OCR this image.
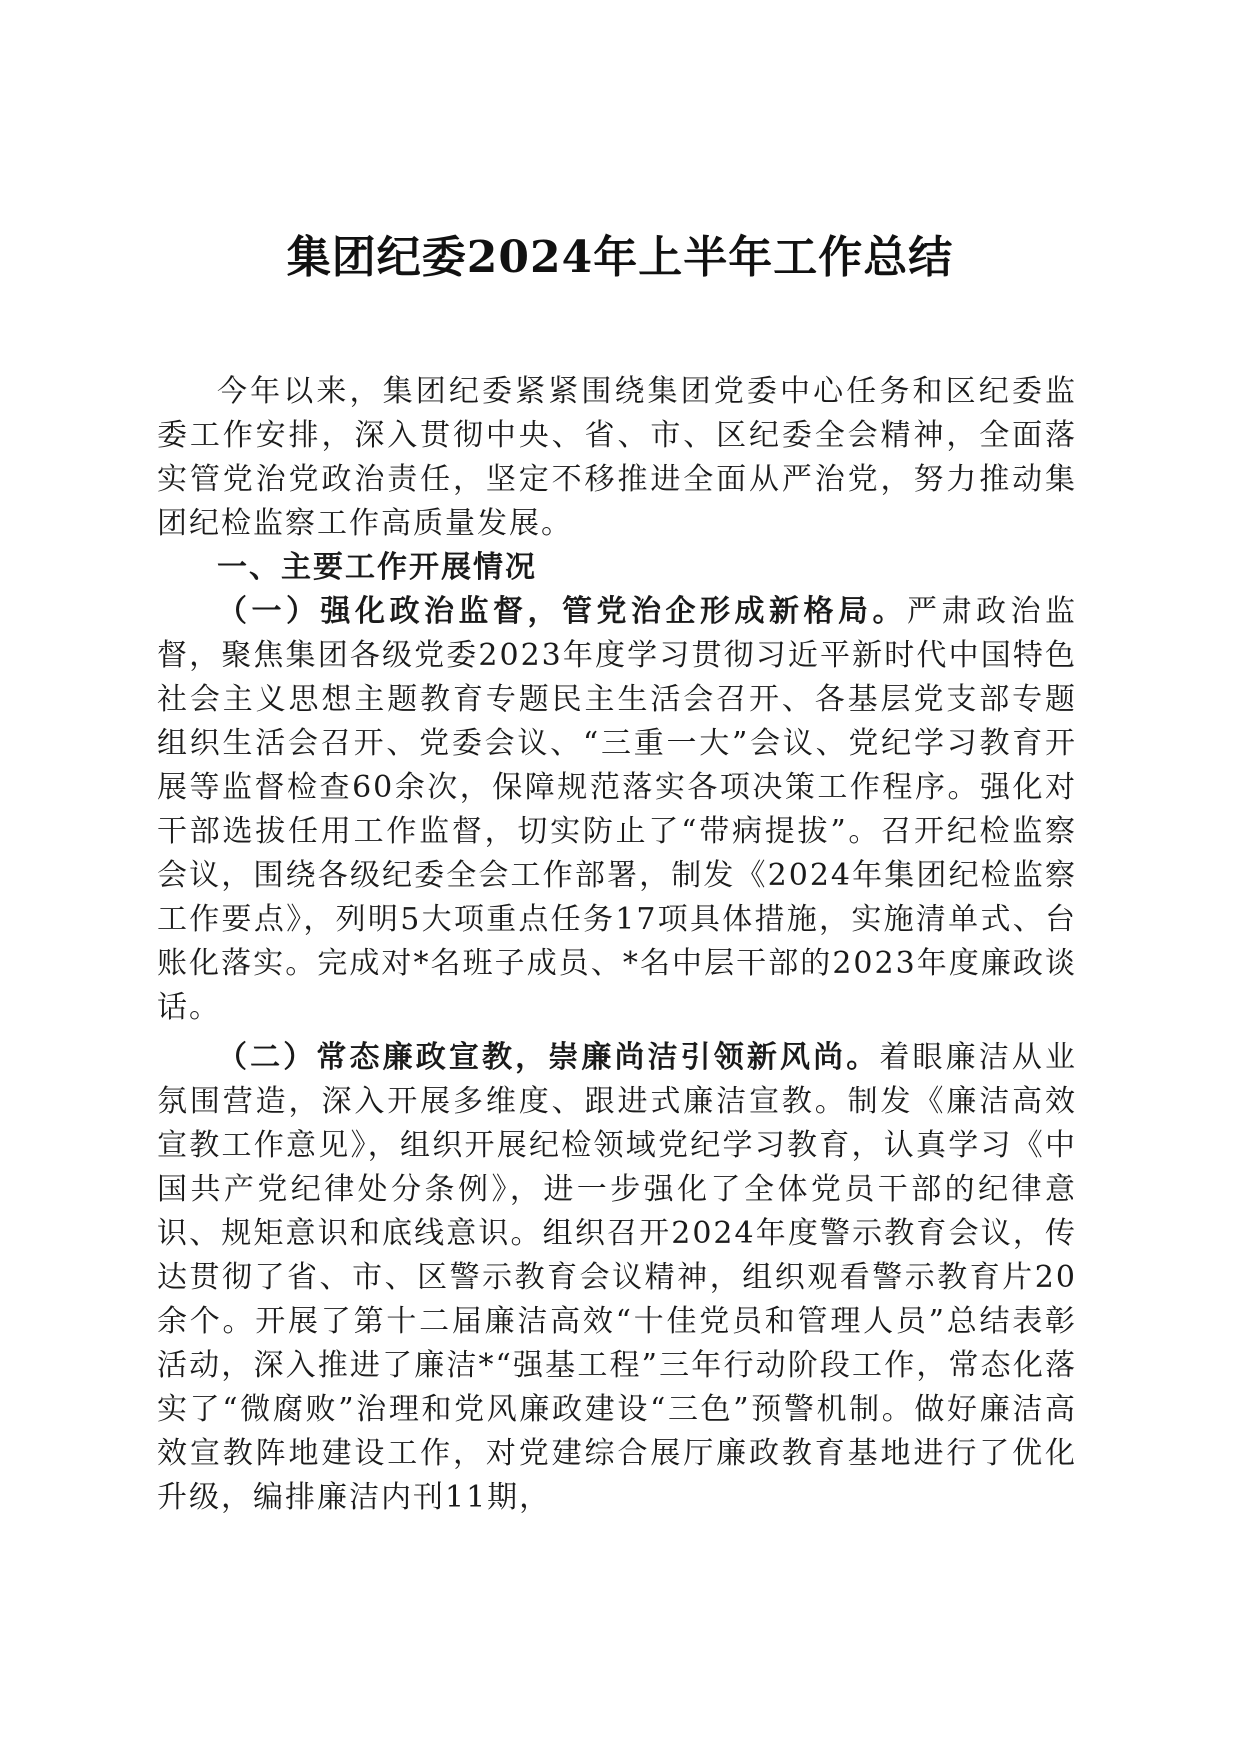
集团纪委2024年上半年工作总结

今年以来，集团纪委紧紧围绕集团党委中心任务和区纪委监委工作安排，深入贯彻中央、省、市、区纪委全会精神，全面落实管党治党政治责任，坚定不移推进全面从严治党，努力推动集团纪检监察工作高质量发展。

一、主要工作开展情况

（一）强化政治监督，管党治企形成新格局。严肃政治监督，聚焦集团各级党委2023年度学习贯彻习近平新时代中国特色社会主义思想主题教育专题民主生活会召开、各基层党支部专题组织生活会召开、党委会议、“三重一大”会议、党纪学习教育开展等监督检查60余次，保障规范落实各项决策工作程序。强化对干部选拔任用工作监督，切实防止了“带病提拔”。召开纪检监察会议，围绕各级纪委全会工作部署，制发《2024年集团纪检监察工作要点》，列明5大项重点任务17项具体措施，实施清单式、台账化落实。完成对*名班子成员、*名中层干部的2023年度廉政谈话。

（二）常态廉政宣教，崇廉尚洁引领新风尚。着眼廉洁从业氛围营造，深入开展多维度、跟进式廉洁宣教。制发《廉洁高效宣教工作意见》，组织开展纪检领域党纪学习教育，认真学习《中国共产党纪律处分条例》，进一步强化了全体党员干部的纪律意识、规矩意识和底线意识。组织召开2024年度警示教育会议，传达贯彻了省、市、区警示教育会议精神，组织观看警示教育片20余个。开展了第十二届廉洁高效“十佳党员和管理人员”总结表彰活动，深入推进了廉洁*“强基工程”三年行动阶段工作，常态化落实了“微腐败”治理和党风廉政建设“三色”预警机制。做好廉洁高效宣教阵地建设工作，对党建综合展厅廉政教育基地进行了优化升级，编排廉洁内刊11期，
